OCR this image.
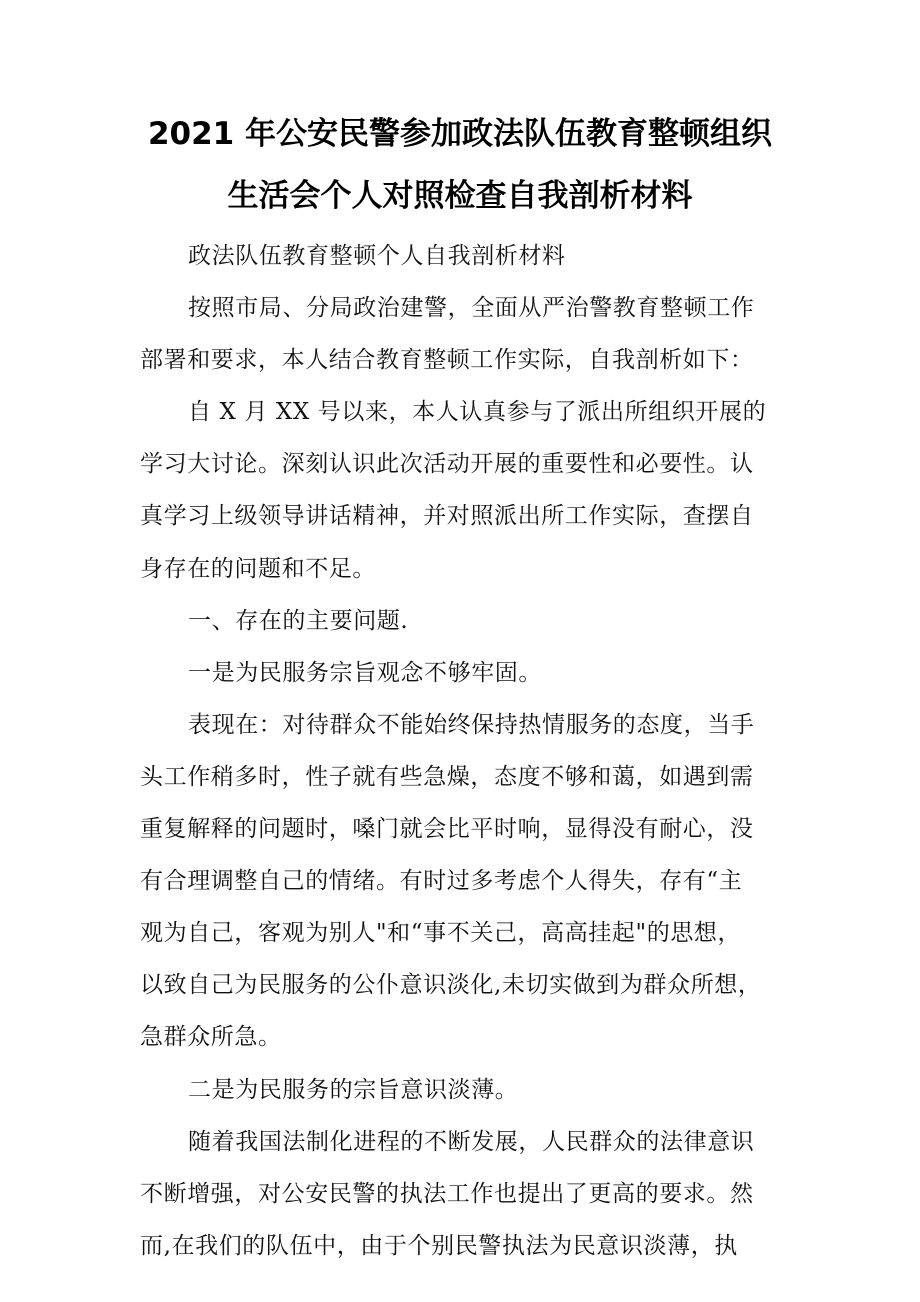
2021 年公安民警参加政法队伍教育整顿组织
生活会个人对照检查自我剖析材料
政法队伍教育整顿个人自我剖析材料
按照市局、分局政治建警，全面从严治警教育整顿工作
部署和要求，本人结合教育整顿工作实际，自我剖析如下：
自 X 月 XX 号以来，本人认真参与了派出所组织开展的
学习大讨论。深刻认识此次活动开展的重要性和必要性。认
真学习上级领导讲话精神，并对照派出所工作实际，查摆自
身存在的问题和不足。
一、存在的主要问题.
一是为民服务宗旨观念不够牢固。
表现在：对待群众不能始终保持热情服务的态度，当手
头工作稍多时，性子就有些急燥，态度不够和蔼，如遇到需
重复解释的问题时，嗓门就会比平时响，显得没有耐心，没
有合理调整自己的情绪。有时过多考虑个人得失，存有“主
观为自己，客观为别人"和“事不关己，高高挂起"的思想，
以致自己为民服务的公仆意识淡化,未切实做到为群众所想，
急群众所急。
二是为民服务的宗旨意识淡薄。
随着我国法制化进程的不断发展，人民群众的法律意识
不断增强，对公安民警的执法工作也提出了更高的要求。然
而,在我们的队伍中，由于个别民警执法为民意识淡薄，执
